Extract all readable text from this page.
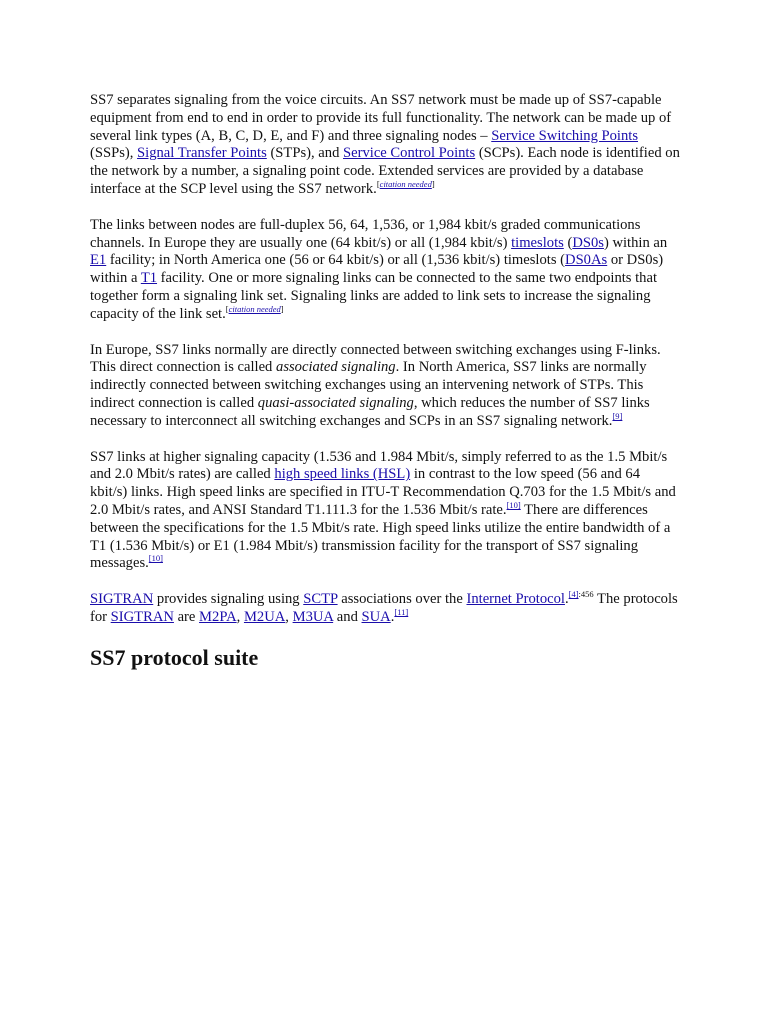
SS7 separates signaling from the voice circuits. An SS7 network must be made up of SS7-capable equipment from end to end in order to provide its full functionality. The network can be made up of several link types (A, B, C, D, E, and F) and three signaling nodes – Service Switching Points (SSPs), Signal Transfer Points (STPs), and Service Control Points (SCPs). Each node is identified on the network by a number, a signaling point code. Extended services are provided by a database interface at the SCP level using the SS7 network.[citation needed]

The links between nodes are full-duplex 56, 64, 1,536, or 1,984 kbit/s graded communications channels. In Europe they are usually one (64 kbit/s) or all (1,984 kbit/s) timeslots (DS0s) within an E1 facility; in North America one (56 or 64 kbit/s) or all (1,536 kbit/s) timeslots (DS0As or DS0s) within a T1 facility. One or more signaling links can be connected to the same two endpoints that together form a signaling link set. Signaling links are added to link sets to increase the signaling capacity of the link set.[citation needed]

In Europe, SS7 links normally are directly connected between switching exchanges using F-links. This direct connection is called associated signaling. In North America, SS7 links are normally indirectly connected between switching exchanges using an intervening network of STPs. This indirect connection is called quasi-associated signaling, which reduces the number of SS7 links necessary to interconnect all switching exchanges and SCPs in an SS7 signaling network.[9]

SS7 links at higher signaling capacity (1.536 and 1.984 Mbit/s, simply referred to as the 1.5 Mbit/s and 2.0 Mbit/s rates) are called high speed links (HSL) in contrast to the low speed (56 and 64 kbit/s) links. High speed links are specified in ITU-T Recommendation Q.703 for the 1.5 Mbit/s and 2.0 Mbit/s rates, and ANSI Standard T1.111.3 for the 1.536 Mbit/s rate.[10] There are differences between the specifications for the 1.5 Mbit/s rate. High speed links utilize the entire bandwidth of a T1 (1.536 Mbit/s) or E1 (1.984 Mbit/s) transmission facility for the transport of SS7 signaling messages.[10]

SIGTRAN provides signaling using SCTP associations over the Internet Protocol.$^{[4]:456}$ The protocols for SIGTRAN are M2PA, M2UA, M3UA and SUA.[11]

SS7 protocol suite
